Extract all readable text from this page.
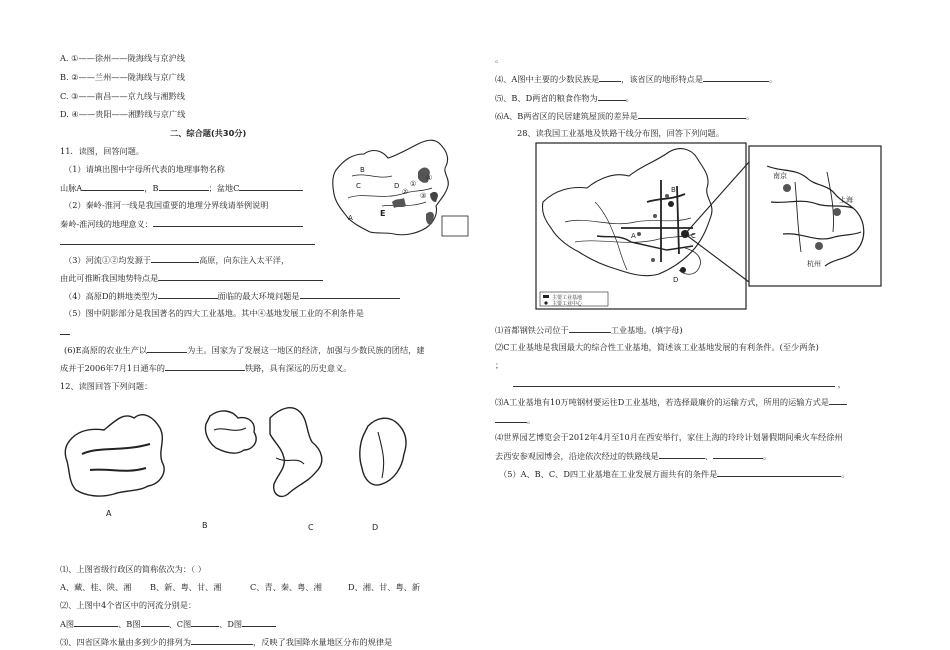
A. ①——徐州——陇海线与京沪线
B. ②——兰州——陇海线与京广线
C. ③——南昌——京九线与湘黔线
D. ④——贵阳——湘黔线与京广线
二、综合题(共30分)
11．读图，回答问题。
（1）请填出图中字母所代表的地理事物名称
山脉A	，B	；盆地C
（2）秦岭-淮河一线是我国重要的地理分界线请举例说明
秦岭-淮河线的地理意义：
（3）河流①②均发源于	高原，向东注入太平洋，
由此可推断我国地势特点是
（4）高原D的耕地类型为	面临的最大环境问题是
（5）图中阴影部分是我国著名的四大工业基地。其中④基地发展工业的不利条件是
(6)E高原的农业生产以	为主。国家为了发展这一地区的经济，加强与少数民族的团结，建
成并于2006年7月1日通车的	铁路，具有深远的历史意义。
B
C	D
E
A
①
② ③
④
12、读图回答下列问题：
A
B	C	D
⑴、上图省级行政区的简称依次为：（ ）
A、藏、桂、陕、湘 B、新、粤、甘、湘	C、青、秦、粤、湘	D、湘、甘、粤、新
⑵、上图中4个省区中的河流分别是：
A图	、B图	、C图	、D图
⑶、四省区降水量由多到少的排列为	，反映了我国降水量地区分布的规律是
。
⑷、A图中主要的少数民族是	，该省区的地形特点是	。
⑸、B、D两省的粮食作物为	。
⑹A、B两省区的民居建筑屋顶的差异是	。
28、读我国工业基地及铁路干线分布图，回答下列问题。
主要工业基地
主要工业中心
B
A	C
D
南京
上海
杭州
⑴首都钢铁公司位于	工业基地。(填字母)
⑵C工业基地是我国最大的综合性工业基地，简述该工业基地发展的有利条件。(至少两条)
；
，
⑶A工业基地有10万吨钢材要运往D工业基地，若选择最廉价的运输方式，所用的运输方式是
。
⑷世界园艺博览会于2012年4月至10月在西安举行，家住上海的玲玲计划暑假期间乘火车经徐州
去西安参观园博会，沿途依次经过的铁路线是	、	。
（5）A、B、C、D四工业基地在工业发展方面共有的条件是	。
